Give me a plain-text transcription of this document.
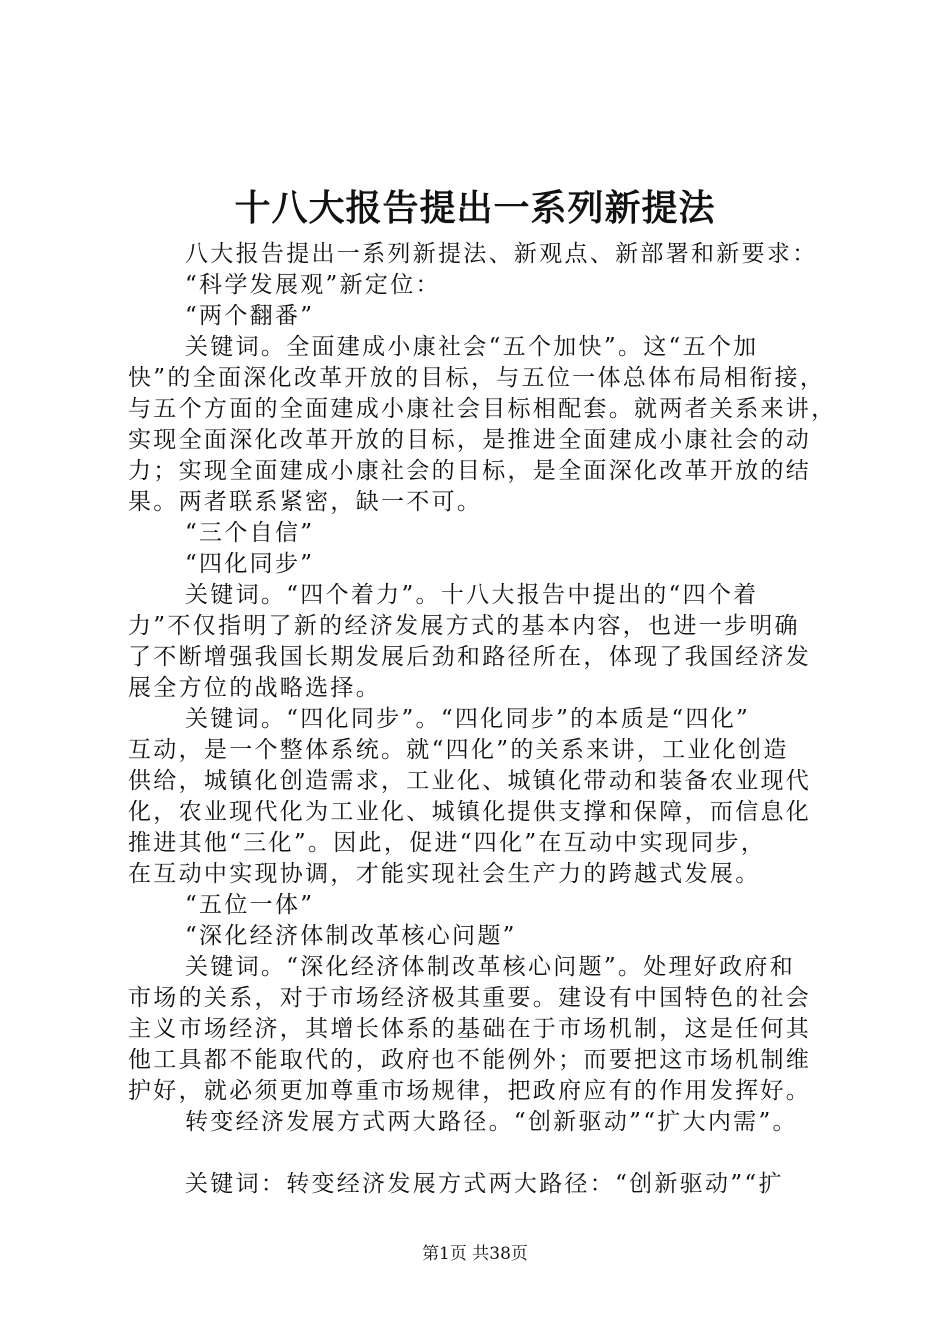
十八大报告提出一系列新提法
八大报告提出一系列新提法、新观点、新部署和新要求：
“科学发展观”新定位：
“两个翻番”
关键词。全面建成小康社会“五个加快”。这“五个加
快”的全面深化改革开放的目标，与五位一体总体布局相衔接，
与五个方面的全面建成小康社会目标相配套。就两者关系来讲，
实现全面深化改革开放的目标，是推进全面建成小康社会的动
力；实现全面建成小康社会的目标，是全面深化改革开放的结
果。两者联系紧密，缺一不可。
“三个自信”
“四化同步”
关键词。“四个着力”。十八大报告中提出的“四个着
力”不仅指明了新的经济发展方式的基本内容，也进一步明确
了不断增强我国长期发展后劲和路径所在，体现了我国经济发
展全方位的战略选择。
关键词。“四化同步”。“四化同步”的本质是“四化”
互动，是一个整体系统。就“四化”的关系来讲，工业化创造
供给，城镇化创造需求，工业化、城镇化带动和装备农业现代
化，农业现代化为工业化、城镇化提供支撑和保障，而信息化
推进其他“三化”。因此，促进“四化”在互动中实现同步，
在互动中实现协调，才能实现社会生产力的跨越式发展。
“五位一体”
“深化经济体制改革核心问题”
关键词。“深化经济体制改革核心问题”。处理好政府和
市场的关系，对于市场经济极其重要。建设有中国特色的社会
主义市场经济，其增长体系的基础在于市场机制，这是任何其
他工具都不能取代的，政府也不能例外；而要把这市场机制维
护好，就必须更加尊重市场规律，把政府应有的作用发挥好。
转变经济发展方式两大路径。“创新驱动”“扩大内需”。
关键词：转变经济发展方式两大路径：“创新驱动”“扩
第1页 共38页
